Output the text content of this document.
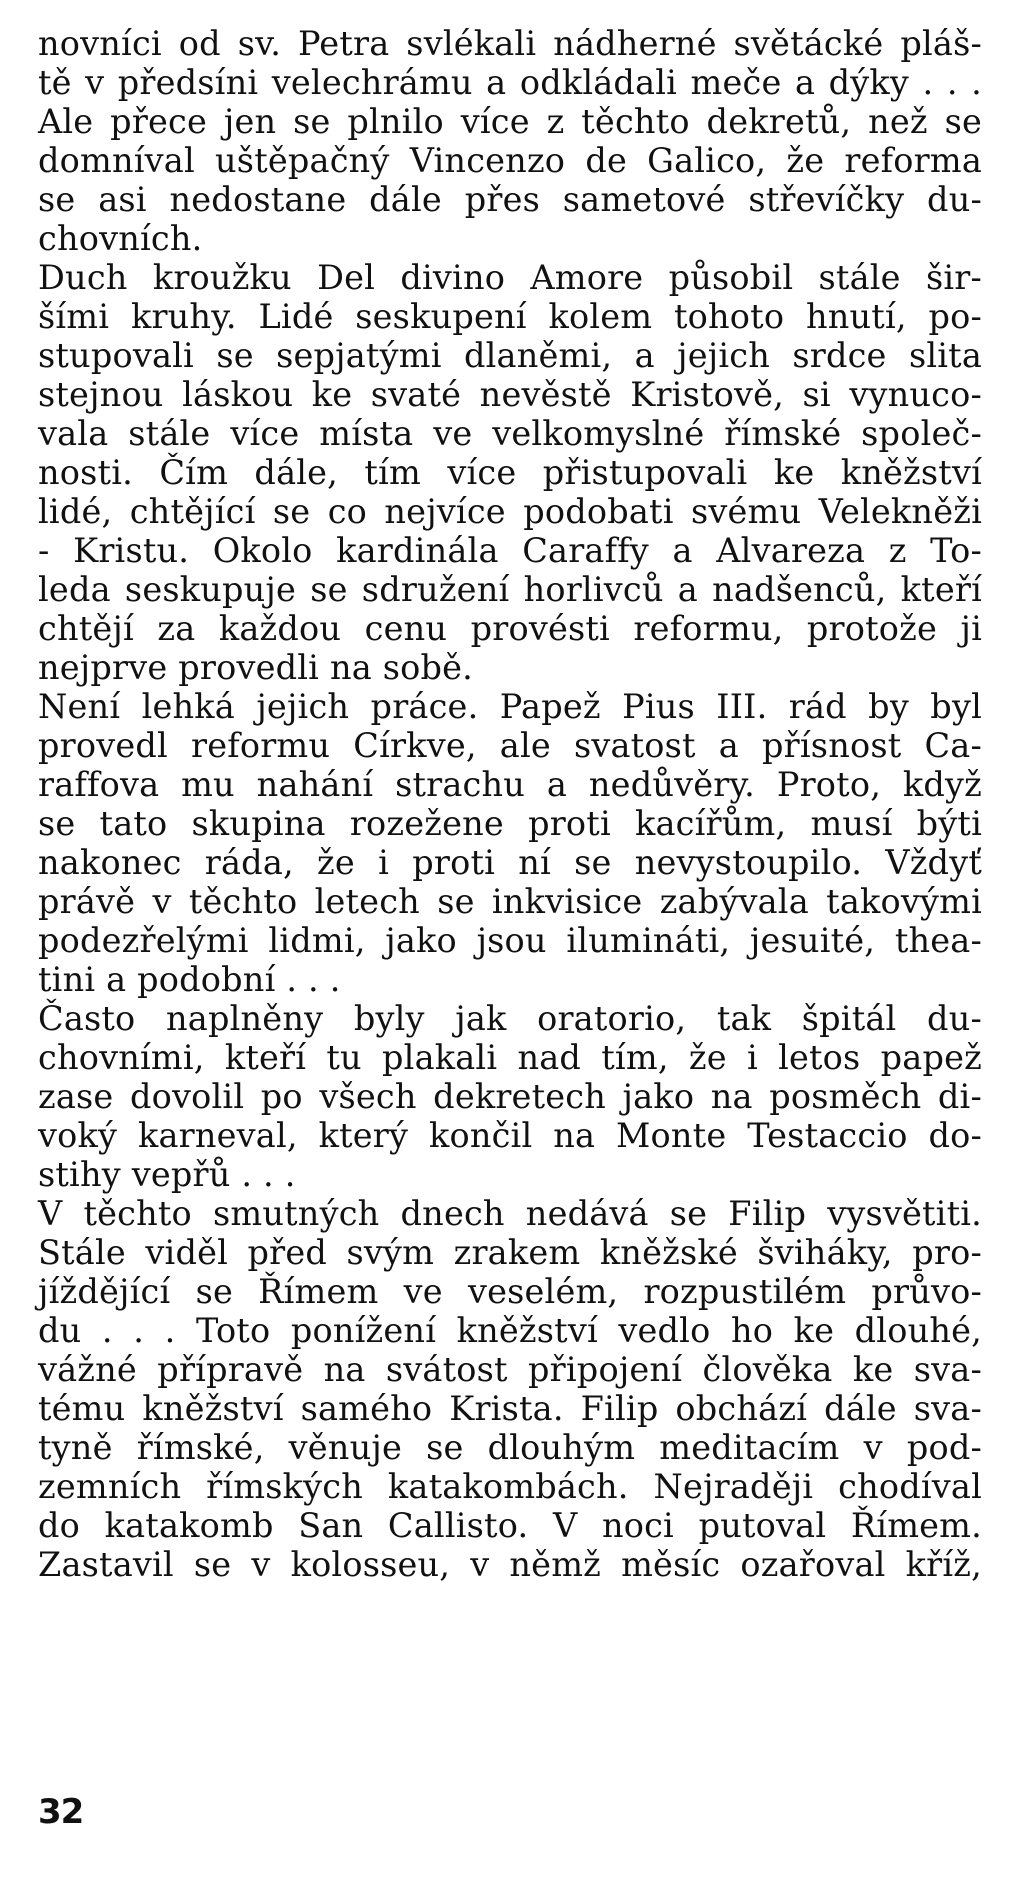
novníci od sv. Petra svlékali nádherné světácké pláš-
tě v předsíni velechrámu a odkládali meče a dýky . . .
Ale přece jen se plnilo více z těchto dekretů, než se
domníval uštěpačný Vincenzo de Galico, že reforma
se asi nedostane dále přes sametové střevíčky du-
chovních.
Duch kroužku Del divino Amore působil stále šir-
šími kruhy. Lidé seskupení kolem tohoto hnutí, po-
stupovali se sepjatými dlaněmi, a jejich srdce slita
stejnou láskou ke svaté nevěstě Kristově, si vynuco-
vala stále více místa ve velkomyslné římské společ-
nosti. Čím dále, tím více přistupovali ke kněžství
lidé, chtějící se co nejvíce podobati svému Velekněži
- Kristu. Okolo kardinála Caraffy a Alvareza z To-
leda seskupuje se sdružení horlivců a nadšenců, kteří
chtějí za každou cenu provésti reformu, protože ji
nejprve provedli na sobě.
Není lehká jejich práce. Papež Pius III. rád by byl
provedl reformu Církve, ale svatost a přísnost Ca-
raffova mu nahání strachu a nedůvěry. Proto, když
se tato skupina rozežene proti kacířům, musí býti
nakonec ráda, že i proti ní se nevystoupilo. Vždyť
právě v těchto letech se inkvisice zabývala takovými
podezřelými lidmi, jako jsou ilumináti, jesuité, thea-
tini a podobní . . .
Často naplněny byly jak oratorio, tak špitál du-
chovními, kteří tu plakali nad tím, že i letos papež
zase dovolil po všech dekretech jako na posměch di-
voký karneval, který končil na Monte Testaccio do-
stihy vepřů . . .
V těchto smutných dnech nedává se Filip vysvětiti.
Stále viděl před svým zrakem kněžské šviháky, pro-
jíždějící se Římem ve veselém, rozpustilém průvo-
du . . . Toto ponížení kněžství vedlo ho ke dlouhé,
vážné přípravě na svátost připojení člověka ke sva-
tému kněžství samého Krista. Filip obchází dále sva-
tyně římské, věnuje se dlouhým meditacím v pod-
zemních římských katakombách. Nejraději chodíval
do katakomb San Callisto. V noci putoval Římem.
Zastavil se v kolosseu, v němž měsíc ozařoval kříž,
32
